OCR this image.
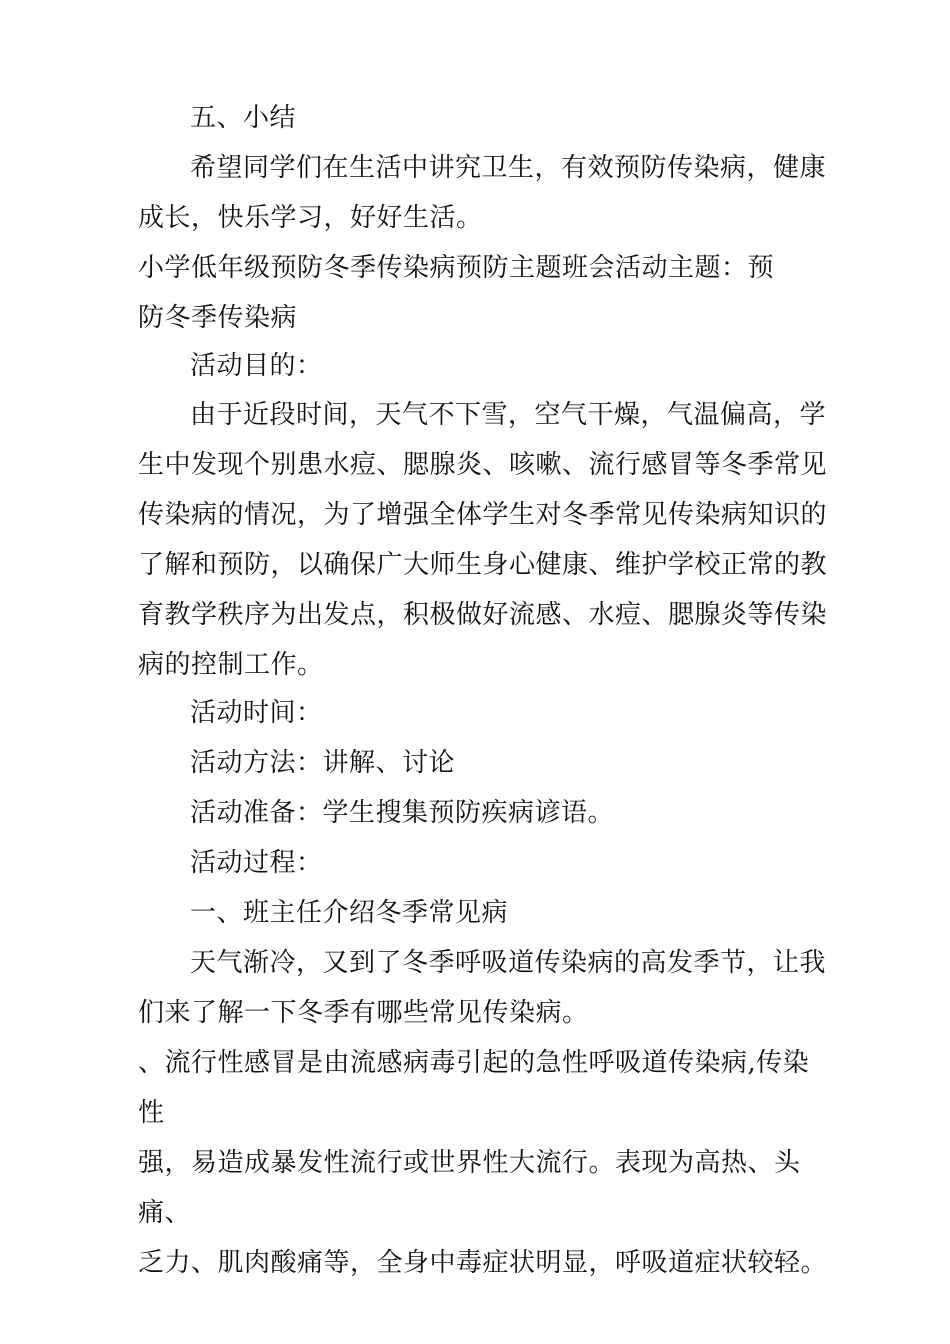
五、小结

希望同学们在生活中讲究卫生，有效预防传染病，健康
成长，快乐学习，好好生活。
小学低年级预防冬季传染病预防主题班会活动主题：预
防冬季传染病

活动目的：

由于近段时间，天气不下雪，空气干燥，气温偏高，学
生中发现个别患水痘、腮腺炎、咳嗽、流行感冒等冬季常见
传染病的情况，为了增强全体学生对冬季常见传染病知识的
了解和预防，以确保广大师生身心健康、维护学校正常的教
育教学秩序为出发点，积极做好流感、水痘、腮腺炎等传染
病的控制工作。

活动时间：

活动方法：讲解、讨论

活动准备：学生搜集预防疾病谚语。

活动过程：

一、班主任介绍冬季常见病

天气渐冷，又到了冬季呼吸道传染病的高发季节，让我
们来了解一下冬季有哪些常见传染病。
、流行性感冒是由流感病毒引起的急性呼吸道传染病,传染性
强，易造成暴发性流行或世界性大流行。表现为高热、头痛、
乏力、肌肉酸痛等，全身中毒症状明显，呼吸道症状较轻。
